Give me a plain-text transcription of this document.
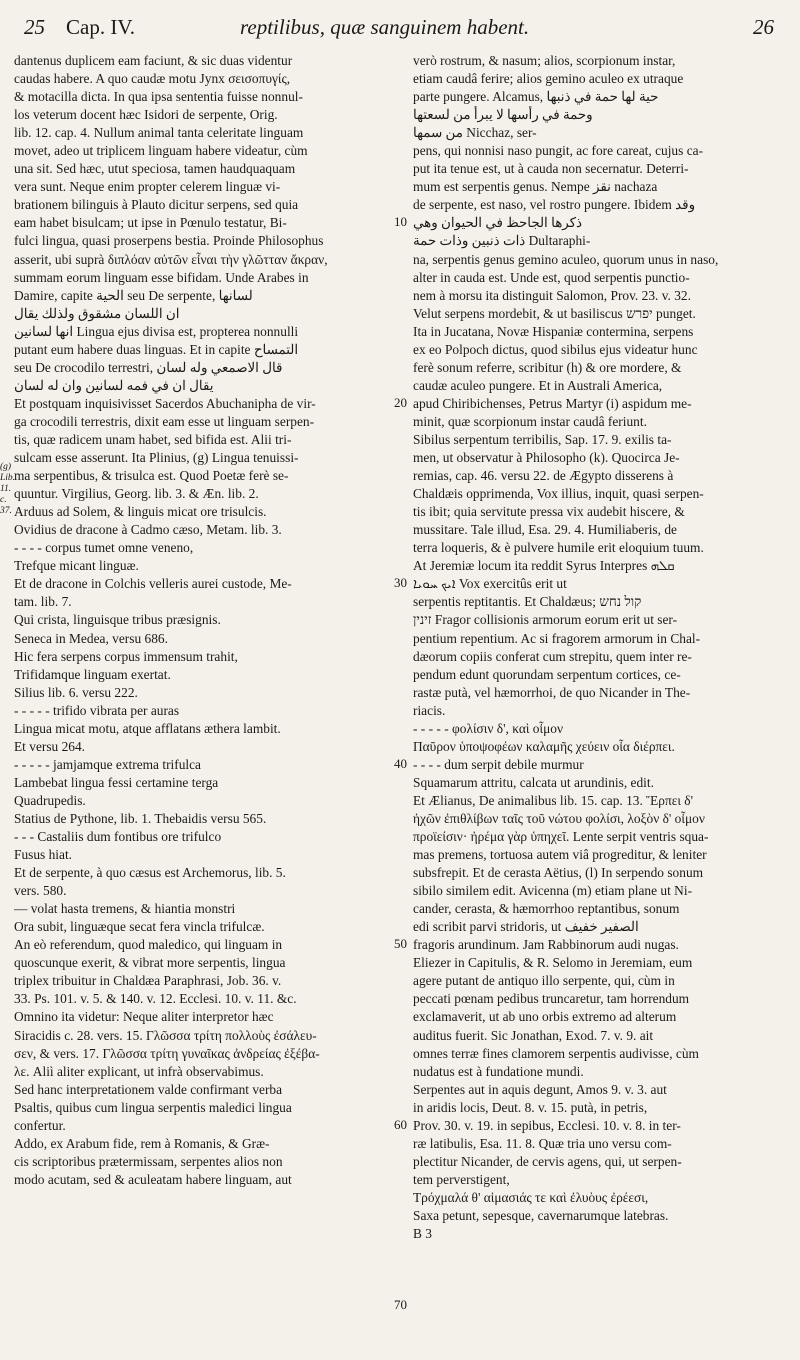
25 Cap. IV.	reptilibus, quæ sanguinem habent.	26
dantenus duplicem eam faciunt, & sic duas videntur
caudas habere. A quo caudæ motu Jynx σεισοπυγίς,
& motacilla dicta. In qua ipsa sententia fuisse nonnul-
los veterum docent hæc Isidori de serpente, Orig.
lib. 12. cap. 4. Nullum animal tanta celeritate linguam
movet, adeo ut triplicem linguam habere videatur, cùm
una sit. Sed hæc, utut speciosa, tamen haudquaquam
vera sunt. Neque enim propter celerem linguæ vi-
brationem bilinguis à Plauto dicitur serpens, sed quia
eam habet bisulcam; ut ipse in Pœnulo testatur, Bi-
fulci lingua, quasi proserpens bestia. Proinde Philosophus
asserit, ubi suprà διπλόαν αὐτῶν εἶναι τὴν γλῶτταν ἄκραν,
summam eorum linguam esse bifidam. Unde Arabes in
Damire, capite الحية seu De serpente, لسانها
ان اللسان مشقوق ولذلك يقال
انها لسانين Lingua ejus divisa est, propterea nonnulli
putant eum habere duas linguas. Et in capite التمساح
seu De crocodilo terrestri, قال الاصمعي وله لسان
يقال ان في فمه لسانين وان له لسان
Et postquam inquisivisset Sacerdos Abuchanipha de vir-
ga crocodili terrestris, dixit eam esse ut linguam serpen-
tis, quæ radicem unam habet, sed bifida est. Alii tri-
sulcam esse asserunt. Ita Plinius, (g) Lingua tenuissi-
ma serpentibus, & trisulca est. Quod Poetæ ferè se-
quuntur. Virgilius, Georg. lib. 3. & Æn. lib. 2.
Arduus ad Solem, & linguis micat ore trisulcis.
Ovidius de dracone à Cadmo cæso, Metam. lib. 3.
- - - - corpus tumet omne veneno,
Trefque micant linguæ.
Et de dracone in Colchis velleris aurei custode, Me-
tam. lib. 7.
Qui crista, linguisque tribus præsignis.
Seneca in Medea, versu 686.
Hic fera serpens corpus immensum trahit,
Trifidamque linguam exertat.
Silius lib. 6. versu 222.
- - - - - trifido vibrata per auras
Lingua micat motu, atque afflatans æthera lambit.
Et versu 264.
- - - - - jamjamque extrema trifulca
Lambebat lingua fessi certamine terga
Quadrupedis.
Statius de Pythone, lib. 1. Thebaidis versu 565.
- - - Castaliis dum fontibus ore trifulco
Fusus hiat.
Et de serpente, à quo cæsus est Archemorus, lib. 5.
vers. 580.
— volat hasta tremens, & hiantia monstri
Ora subit, linguæque secat fera vincla trifulcæ.
An eò referendum, quod maledico, qui linguam in
quoscunque exerit, & vibrat more serpentis, lingua
triplex tribuitur in Chaldæa Paraphrasi, Job. 36. v.
33. Ps. 101. v. 5. & 140. v. 12. Ecclesi. 10. v. 11. &c.
Omnino ita videtur: Neque aliter interpretor hæc
Siracidis c. 28. vers. 15. Γλῶσσα τρίτη πολλοὺς ἐσάλευ-
σεν, & vers. 17. Γλῶσσα τρίτη γυναῖκας ἀνδρείας ἐξέβα-
λε. Aliì aliter explicant, ut infrà observabimus.
Sed hanc interpretationem valde confirmant verba
Psaltis, quibus cum lingua serpentis maledici lingua
confertur.
Addo, ex Arabum fide, rem à Romanis, & Græ-
cis scriptoribus prætermissam, serpentes alios non
modo acutam, sed & aculeatam habere linguam, aut
verò rostrum, & nasum; alios, scorpionum instar,
etiam caudâ ferire; alios gemino aculeo ex utraque
parte pungere. Alcamus, حية لها حمة في ذنبها
وحمة في رأسها لا يبرأ من لسعتها
من سمها Nicchaz, ser-
pens, qui nonnisi naso pungit, ac fore careat, cujus ca-
put ita tenue est, ut à cauda non secernatur. Deterri-
mum est serpentis genus. Nempe نقز nachaza
de serpente, est naso, vel rostro pungere. Ibidem وقد
ذكرها الجاحظ في الحيوان وهي
ذات ذنبين وذات حمة Dultaraphi-
na, serpentis genus gemino aculeo, quorum unus in naso,
alter in cauda est. Unde est, quod serpentis punctio-
nem à morsu ita distinguit Salomon, Prov. 23. v. 32.
Velut serpens mordebit, & ut basiliscus יפרש punget.
Ita in Jucatana, Novæ Hispaniæ contermina, serpens
ex eo Polpoch dictus, quod sibilus ejus videatur hunc
ferè sonum referre, scribitur (h) & ore mordere, &
caudæ aculeo pungere. Et in Australi America,
apud Chiribichenses, Petrus Martyr (i) aspidum me-
minit, quæ scorpionum instar caudâ feriunt.
Sibilus serpentum terribilis, Sap. 17. 9. exilis ta-
men, ut observatur à Philosopho (k). Quocirca Je-
remias, cap. 46. versu 22. de Ægypto disserens à
Chaldæis opprimenda, Vox illius, inquit, quasi serpen-
tis ibit; quia servitute pressa vix audebit hiscere, &
mussitare. Tale illud, Esa. 29. 4. Humiliaberis, de
terra loqueris, & è pulvere humile erit eloquium tuum.
At Jeremiæ locum ita reddit Syrus Interpres ܩܠܗ
ܐܝܟ ܚܘܝܐ Vox exercitûs erit ut
serpentis reptitantis. Et Chaldæus; קול נחש
זינין Fragor collisionis armorum eorum erit ut ser-
pentium repentium. Ac si fragorem armorum in Chal-
dæorum copiis conferat cum strepitu, quem inter re-
pendum edunt quorundam serpentum cortices, ce-
rastæ putà, vel hæmorrhoi, de quo Nicander in The-
riacis.
- - - - - φολίσιν δ', καὶ οἶμον
Παῦρον ὑποψοφέων καλαμῆς χεύειν οἷα διέρπει.
- - - - dum serpit debile murmur
Squamarum attritu, calcata ut arundinis, edit.
Et Ælianus, De animalibus lib. 15. cap. 13. Ἕρπει δ'
ἠχῶν ἐπιθλίβων ταῖς τοῦ νώτου φολίσι, λοξὸν δ' οἶμον
προϊείσιν· ἠρέμα γὰρ ὑπηχεῖ. Lente serpit ventris squa-
mas premens, tortuosa autem viâ progreditur, & leniter
subsfrepit. Et de cerasta Aëtius, (l) In serpendo sonum
sibilo similem edit. Avicenna (m) etiam plane ut Ni-
cander, cerasta, & hæmorrhoo reptantibus, sonum
edi scribit parvi stridoris, ut الصفير خفيف
fragoris arundinum. Jam Rabbinorum audi nugas.
Eliezer in Capitulis, & R. Selomo in Jeremiam, eum
agere putant de antiquo illo serpente, qui, cùm in
peccati pœnam pedibus truncaretur, tam horrendum
exclamaverit, ut ab uno orbis extremo ad alterum
auditus fuerit. Sic Jonathan, Exod. 7. v. 9. ait
omnes terræ fines clamorem serpentis audivisse, cùm
nudatus est à fundatione mundi.
Serpentes aut in aquis degunt, Amos 9. v. 3. aut
in aridis locis, Deut. 8. v. 15. putà, in petris,
Prov. 30. v. 19. in sepibus, Ecclesi. 10. v. 8. in ter-
ræ latibulis, Esa. 11. 8. Quæ tria uno versu com-
plectitur Nicander, de cervis agens, qui, ut serpen-
tem perverstigent,
Τρόχμαλά θ' αἱμασιάς τε καὶ ἐλυὸυς ἐρέεσι,
Saxa petunt, sepesque, cavernarumque latebras.
B 3
10
20
30
40
50
60
70
(g) Lib. 11. c. 37.
